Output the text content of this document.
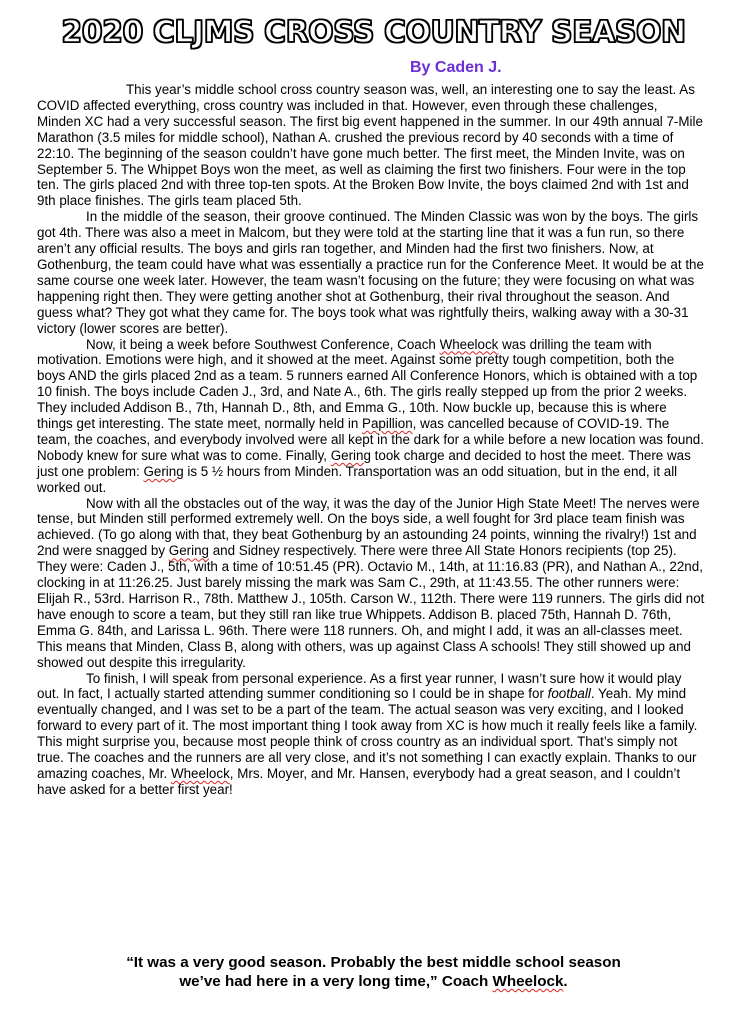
2020 CLJMS CROSS COUNTRY SEASON
By Caden J.

This year’s middle school cross country season was, well, an interesting one to say the least. As COVID affected everything, cross country was included in that. However, even through these challenges, Minden XC had a very successful season. The first big event happened in the summer. In our 49th annual 7-Mile Marathon (3.5 miles for middle school), Nathan A. crushed the previous record by 40 seconds with a time of 22:10. The beginning of the season couldn’t have gone much better. The first meet, the Minden Invite, was on September 5. The Whippet Boys won the meet, as well as claiming the first two finishers. Four were in the top ten. The girls placed 2nd with three top-ten spots. At the Broken Bow Invite, the boys claimed 2nd with 1st and 9th place finishes. The girls team placed 5th.

In the middle of the season, their groove continued. The Minden Classic was won by the boys. The girls got 4th. There was also a meet in Malcom, but they were told at the starting line that it was a fun run, so there aren’t any official results. The boys and girls ran together, and Minden had the first two finishers. Now, at Gothenburg, the team could have what was essentially a practice run for the Conference Meet. It would be at the same course one week later. However, the team wasn’t focusing on the future; they were focusing on what was happening right then. They were getting another shot at Gothenburg, their rival throughout the season. And guess what? They got what they came for. The boys took what was rightfully theirs, walking away with a 30-31 victory (lower scores are better).

Now, it being a week before Southwest Conference, Coach Wheelock was drilling the team with motivation. Emotions were high, and it showed at the meet. Against some pretty tough competition, both the boys AND the girls placed 2nd as a team. 5 runners earned All Conference Honors, which is obtained with a top 10 finish. The boys include Caden J., 3rd, and Nate A., 6th. The girls really stepped up from the prior 2 weeks. They included Addison B., 7th, Hannah D., 8th, and Emma G., 10th. Now buckle up, because this is where things get interesting. The state meet, normally held in Papillion, was cancelled because of COVID-19. The team, the coaches, and everybody involved were all kept in the dark for a while before a new location was found. Nobody knew for sure what was to come. Finally, Gering took charge and decided to host the meet. There was just one problem: Gering is 5 ½ hours from Minden. Transportation was an odd situation, but in the end, it all worked out.

Now with all the obstacles out of the way, it was the day of the Junior High State Meet! The nerves were tense, but Minden still performed extremely well. On the boys side, a well fought for 3rd place team finish was achieved. (To go along with that, they beat Gothenburg by an astounding 24 points, winning the rivalry!) 1st and 2nd were snagged by Gering and Sidney respectively. There were three All State Honors recipients (top 25). They were: Caden J., 5th, with a time of 10:51.45 (PR). Octavio M., 14th, at 11:16.83 (PR), and Nathan A., 22nd, clocking in at 11:26.25. Just barely missing the mark was Sam C., 29th, at 11:43.55. The other runners were: Elijah R., 53rd. Harrison R., 78th. Matthew J., 105th. Carson W., 112th. There were 119 runners. The girls did not have enough to score a team, but they still ran like true Whippets. Addison B. placed 75th, Hannah D. 76th, Emma G. 84th, and Larissa L. 96th. There were 118 runners. Oh, and might I add, it was an all-classes meet. This means that Minden, Class B, along with others, was up against Class A schools! They still showed up and showed out despite this irregularity.

To finish, I will speak from personal experience. As a first year runner, I wasn’t sure how it would play out. In fact, I actually started attending summer conditioning so I could be in shape for football. Yeah. My mind eventually changed, and I was set to be a part of the team. The actual season was very exciting, and I looked forward to every part of it. The most important thing I took away from XC is how much it really feels like a family. This might surprise you, because most people think of cross country as an individual sport. That’s simply not true. The coaches and the runners are all very close, and it’s not something I can exactly explain. Thanks to our amazing coaches, Mr. Wheelock, Mrs. Moyer, and Mr. Hansen, everybody had a great season, and I couldn’t have asked for a better first year!

“It was a very good season. Probably the best middle school season
we’ve had here in a very long time,” Coach Wheelock.
